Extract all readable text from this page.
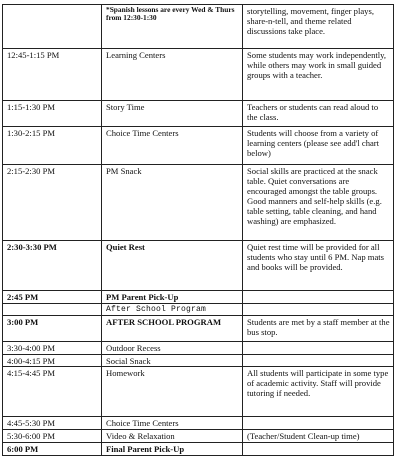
	*Spanish lessons are every Wed & Thurs from 12:30-1:30	storytelling, movement, finger plays, share-n-tell, and theme related discussions take place.
12:45-1:15 PM	Learning Centers	Some students may work independently, while others may work in small guided groups with a teacher.
1:15-1:30 PM	Story Time	Teachers or students can read aloud to the class.
1:30-2:15 PM	Choice Time Centers	Students will choose from a variety of learning centers (please see add'l chart below)
2:15-2:30 PM	PM Snack	Social skills are practiced at the snack table. Quiet conversations are encouraged amongst the table groups. Good manners and self-help skills (e.g. table setting, table cleaning, and hand washing) are emphasized.
2:30-3:30 PM	Quiet Rest	Quiet rest time will be provided for all students who stay until 6 PM. Nap mats and books will be provided.
2:45 PM	PM Parent Pick-Up	
	After School Program	
3:00 PM	AFTER SCHOOL PROGRAM	Students are met by a staff member at the bus stop.
3:30-4:00 PM	Outdoor Recess	
4:00-4:15 PM	Social Snack	
4:15-4:45 PM	Homework	All students will participate in some type of academic activity. Staff will provide tutoring if needed.
4:45-5:30 PM	Choice Time Centers	
5:30-6:00 PM	Video & Relaxation	(Teacher/Student Clean-up time)
6:00 PM	Final Parent Pick-Up	
